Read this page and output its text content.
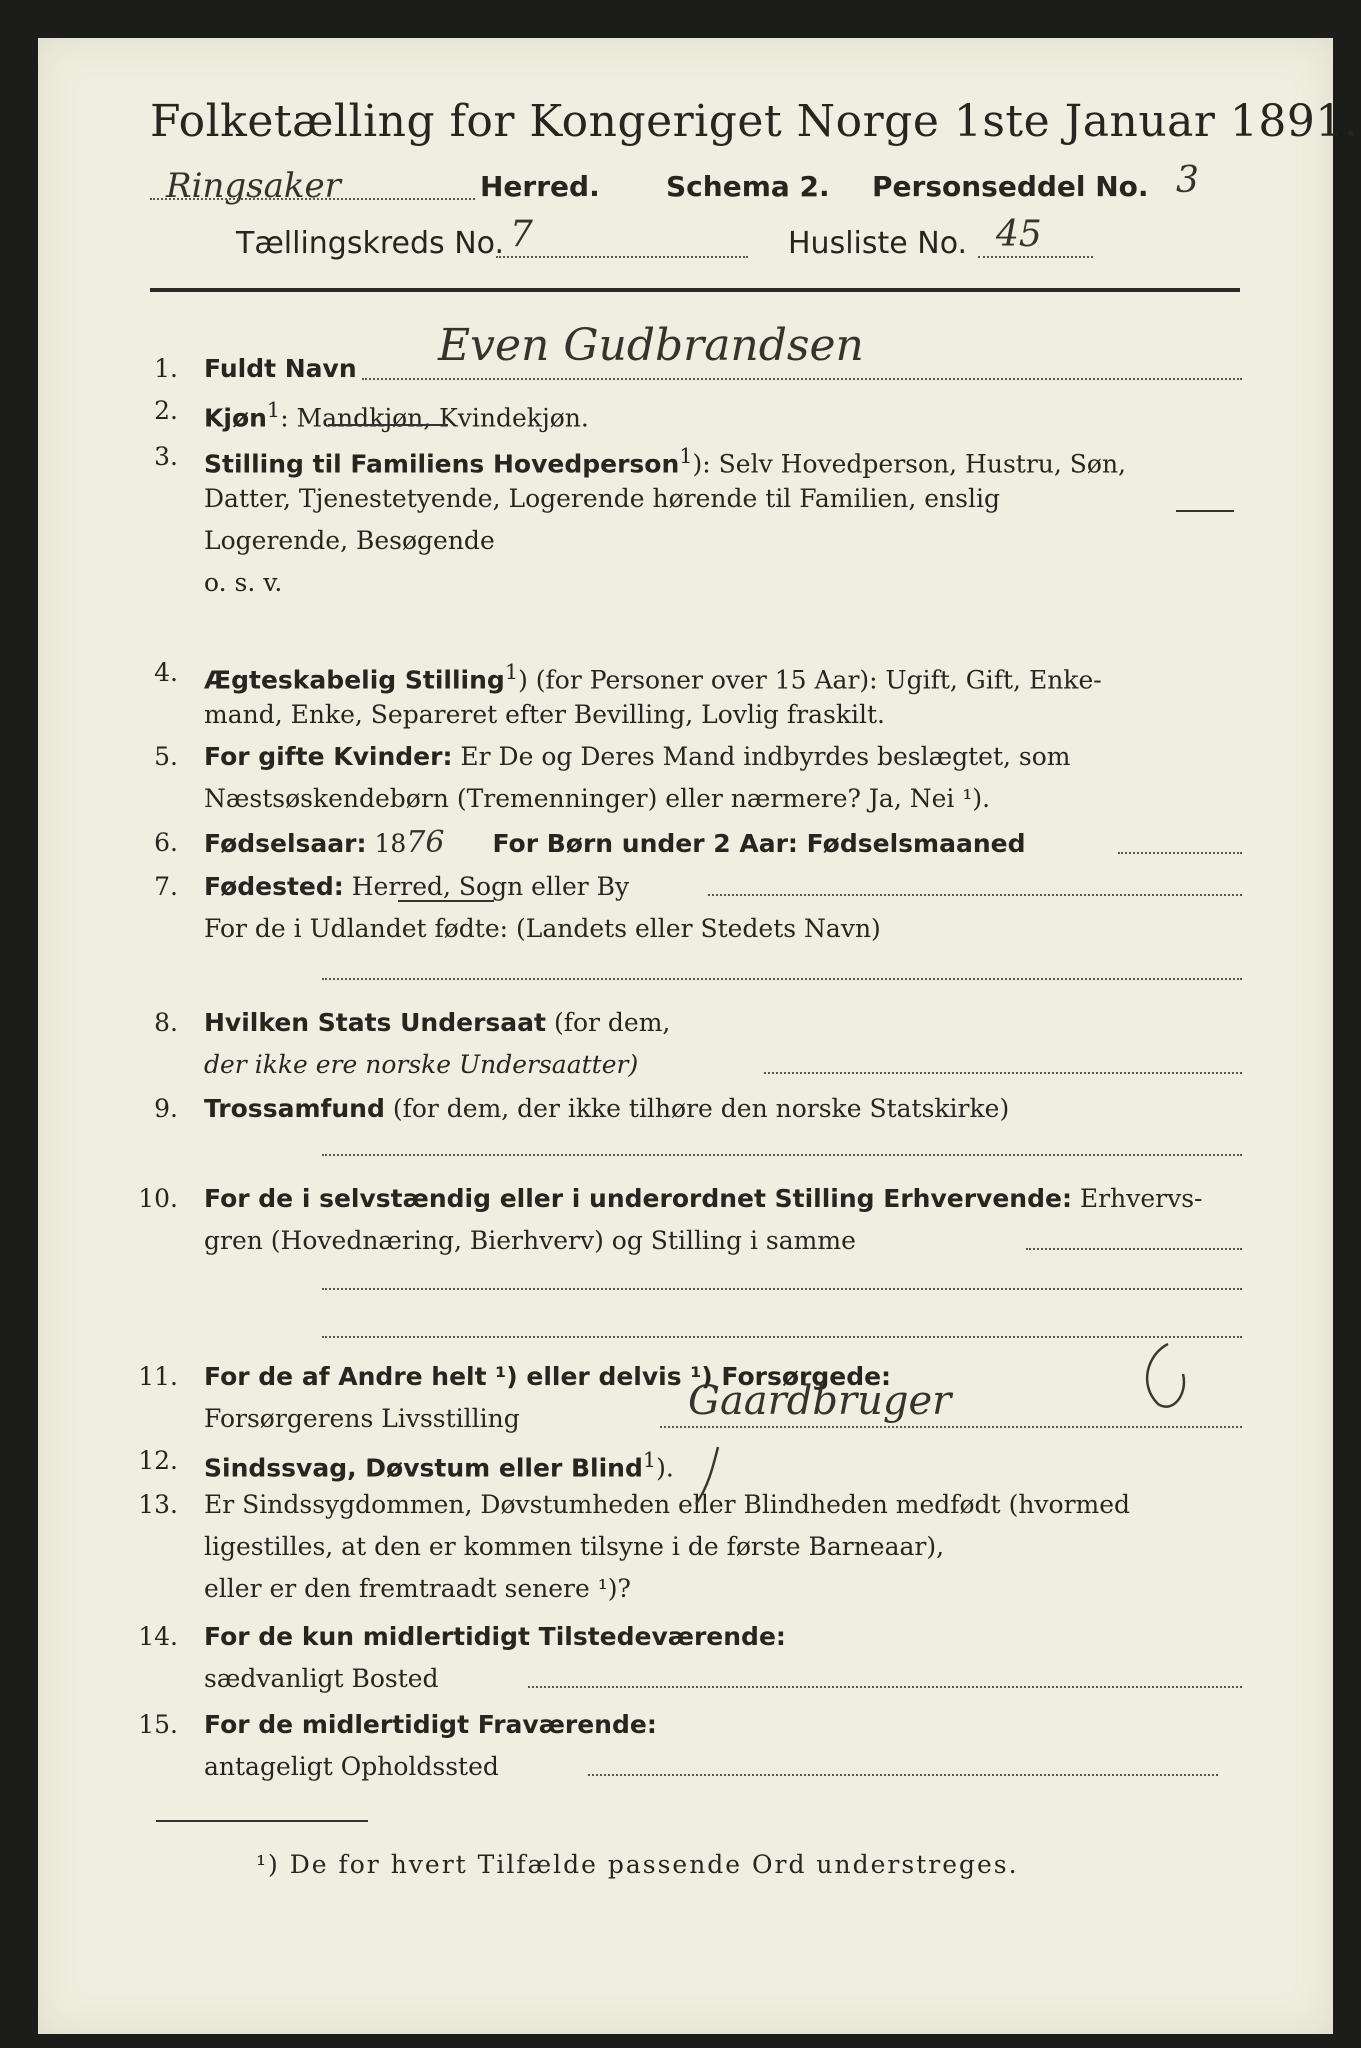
Folketælling for Kongeriget Norge 1ste Januar 1891.
Ringsaker	Herred. Schema 2. Personseddel No. 3
Tællingskreds No. 7	Husliste No. 45
1. Fuldt Navn Even Gudbrandsen
2. Kjøn$^1$: Mandkjøn, Kvindekjøn.
3. Stilling til Familiens Hovedperson$^1$): Selv Hovedperson, Hustru, Søn,
Datter, Tjenestetyende, Logerende hørende til Familien, enslig
Logerende, Besøgende
o. s. v.
4. Ægteskabelig Stilling$^1$) (for Personer over 15 Aar): Ugift, Gift, Enke-
mand, Enke, Separeret efter Bevilling, Lovlig fraskilt.
5. For gifte Kvinder: Er De og Deres Mand indbyrdes beslægtet, som
Næstsøskendebørn (Tremenninger) eller nærmere? Ja, Nei ¹).
6. Fødselsaar: 1876 For Børn under 2 Aar: Fødselsmaaned
7. Fødested: Herred, Sogn eller By
For de i Udlandet fødte: (Landets eller Stedets Navn)
8. Hvilken Stats Undersaat (for dem,
der ikke ere norske Undersaatter)
9. Trossamfund (for dem, der ikke tilhøre den norske Statskirke)
10. For de i selvstændig eller i underordnet Stilling Erhvervende: Erhvervs-
gren (Hovednæring, Bierhverv) og Stilling i samme
11. For de af Andre helt ¹) eller delvis ¹) Forsørgede:
Forsørgerens Livsstilling	Gaardbruger
12. Sindssvag, Døvstum eller Blind$^1$).
13. Er Sindssygdommen, Døvstumheden eller Blindheden medfødt (hvormed
ligestilles, at den er kommen tilsyne i de første Barneaar),
eller er den fremtraadt senere ¹)?
14. For de kun midlertidigt Tilstedeværende:
sædvanligt Bosted
15. For de midlertidigt Fraværende:
antageligt Opholdssted
¹) De for hvert Tilfælde passende Ord understreges.
